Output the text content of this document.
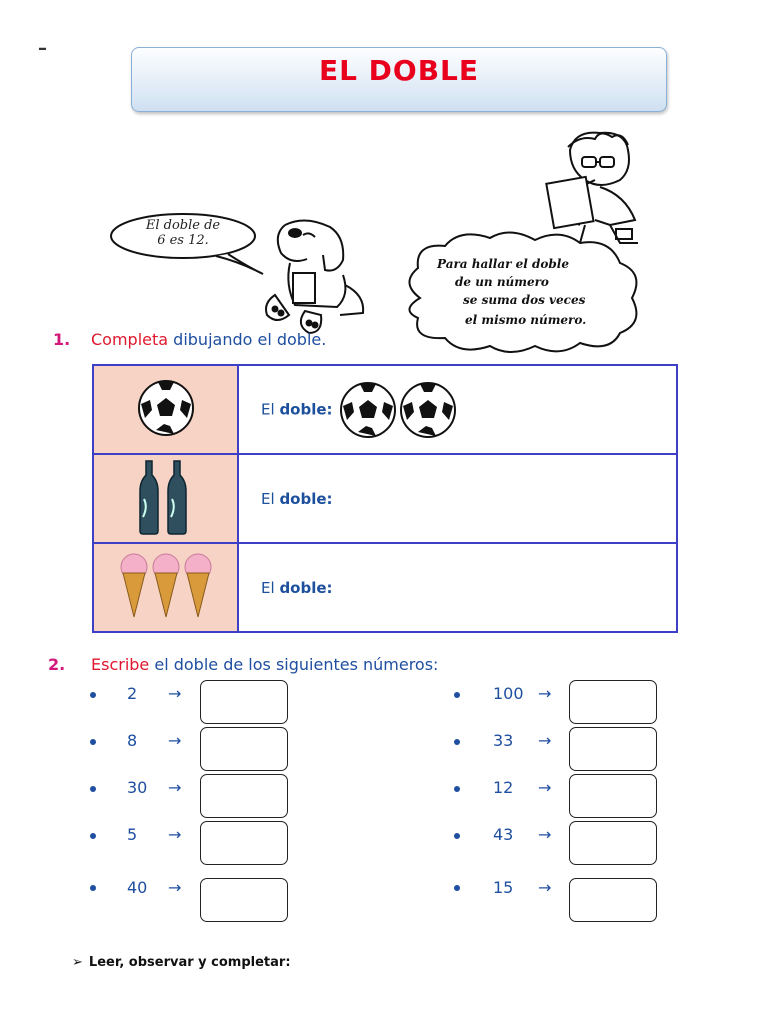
–
EL DOBLE
El doble de
6 es 12.
Para hallar el doble
de un número
se suma dos veces
el mismo número.
1. Completa dibujando el doble.
	El doble:
	El doble:
	El doble:
2. Escribe el doble de los siguientes números:
2 →
8 →
30 →
5 →
40 →
100 →
33 →
12 →
43 →
15 →
➢ Leer, observar y completar:
